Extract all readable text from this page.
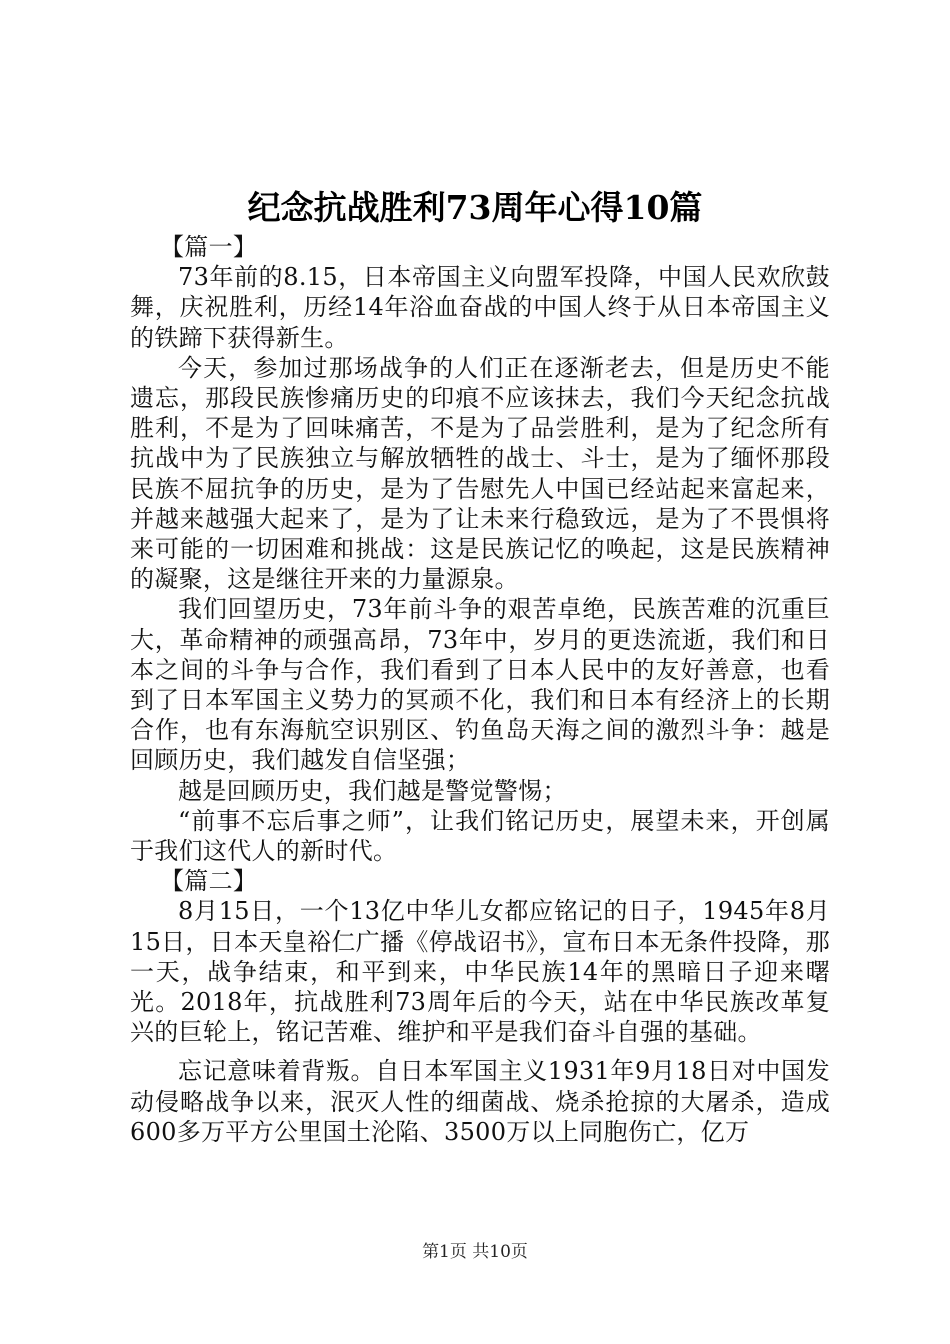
纪念抗战胜利73周年心得10篇

【篇一】

73年前的8.15，日本帝国主义向盟军投降，中国人民欢欣鼓舞，庆祝胜利，历经14年浴血奋战的中国人终于从日本帝国主义的铁蹄下获得新生。

今天，参加过那场战争的人们正在逐渐老去，但是历史不能遗忘，那段民族惨痛历史的印痕不应该抹去，我们今天纪念抗战胜利，不是为了回味痛苦，不是为了品尝胜利，是为了纪念所有抗战中为了民族独立与解放牺牲的战士、斗士，是为了缅怀那段民族不屈抗争的历史，是为了告慰先人中国已经站起来富起来，并越来越强大起来了，是为了让未来行稳致远，是为了不畏惧将来可能的一切困难和挑战：这是民族记忆的唤起，这是民族精神的凝聚，这是继往开来的力量源泉。

我们回望历史，73年前斗争的艰苦卓绝，民族苦难的沉重巨大，革命精神的顽强高昂，73年中，岁月的更迭流逝，我们和日本之间的斗争与合作，我们看到了日本人民中的友好善意，也看到了日本军国主义势力的冥顽不化，我们和日本有经济上的长期合作，也有东海航空识别区、钓鱼岛天海之间的激烈斗争：越是回顾历史，我们越发自信坚强；

越是回顾历史，我们越是警觉警惕；

“前事不忘后事之师”，让我们铭记历史，展望未来，开创属于我们这代人的新时代。

【篇二】

8月15日，一个13亿中华儿女都应铭记的日子，1945年8月15日，日本天皇裕仁广播《停战诏书》，宣布日本无条件投降，那一天，战争结束，和平到来，中华民族14年的黑暗日子迎来曙光。2018年，抗战胜利73周年后的今天，站在中华民族改革复兴的巨轮上，铭记苦难、维护和平是我们奋斗自强的基础。

忘记意味着背叛。自日本军国主义1931年9月18日对中国发动侵略战争以来，泯灭人性的细菌战、烧杀抢掠的大屠杀，造成600多万平方公里国土沦陷、3500万以上同胞伤亡，亿万

第1页 共10页
